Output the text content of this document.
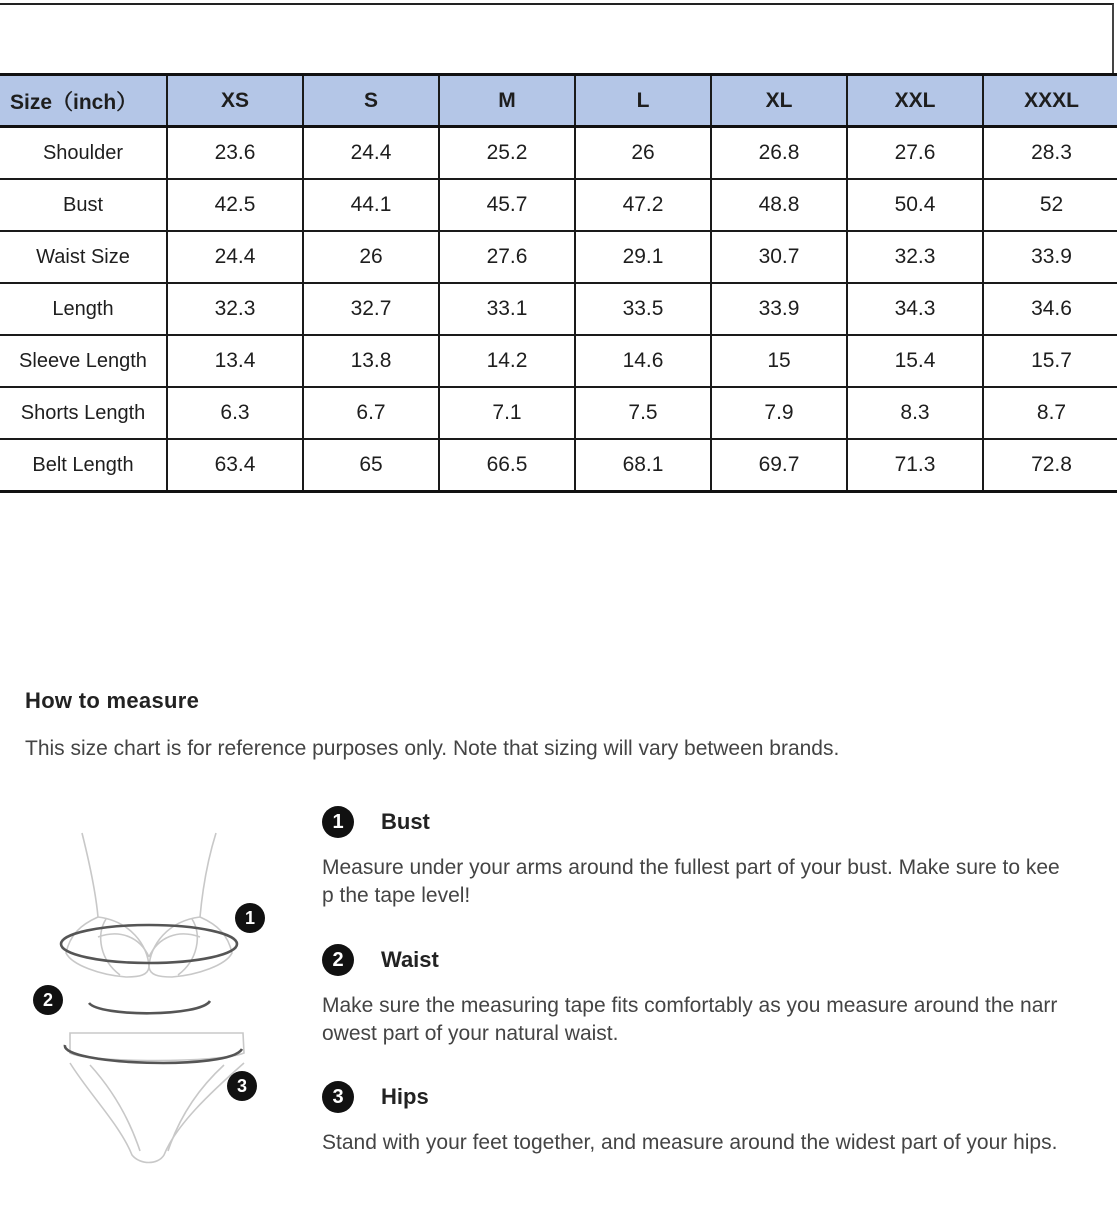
Size（inch）	XS	S	M	L	XL	XXL	XXXL
Shoulder	23.6	24.4	25.2	26	26.8	27.6	28.3
Bust	42.5	44.1	45.7	47.2	48.8	50.4	52
Waist Size	24.4	26	27.6	29.1	30.7	32.3	33.9
Length	32.3	32.7	33.1	33.5	33.9	34.3	34.6
Sleeve Length	13.4	13.8	14.2	14.6	15	15.4	15.7
Shorts Length	6.3	6.7	7.1	7.5	7.9	8.3	8.7
Belt Length	63.4	65	66.5	68.1	69.7	71.3	72.8
How to measure
This size chart is for reference purposes only. Note that sizing will vary between brands.
1
2
3
1	Bust
Measure under your arms around the fullest part of your bust. Make sure to keep the tape level!
2	Waist
Make sure the measuring tape fits comfortably as you measure around the narrowest part of your natural waist.
3	Hips
Stand with your feet together, and measure around the widest part of your hips.
